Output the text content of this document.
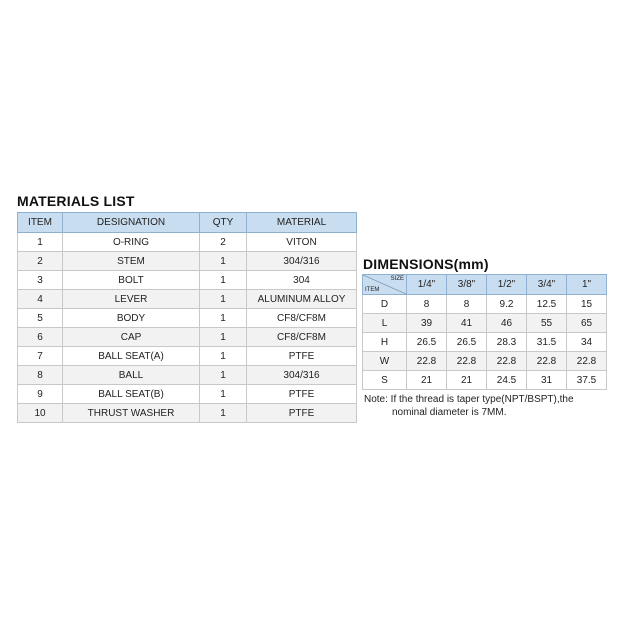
MATERIALS LIST
ITEM	DESIGNATION	QTY	MATERIAL
1	O-RING	2	VITON
2	STEM	1	304/316
3	BOLT	1	304
4	LEVER	1	ALUMINUM ALLOY
5	BODY	1	CF8/CF8M
6	CAP	1	CF8/CF8M
7	BALL SEAT(A)	1	PTFE
8	BALL	1	304/316
9	BALL SEAT(B)	1	PTFE
10	THRUST WASHER	1	PTFE
DIMENSIONS(mm)
SIZE
ITEM	1/4"	3/8"	1/2"	3/4"	1"
D	8	8	9.2	12.5	15
L	39	41	46	55	65
H	26.5	26.5	28.3	31.5	34
W	22.8	22.8	22.8	22.8	22.8
S	21	21	24.5	31	37.5
Note: If the thread is taper type(NPT/BSPT),the
nominal diameter is 7MM.
